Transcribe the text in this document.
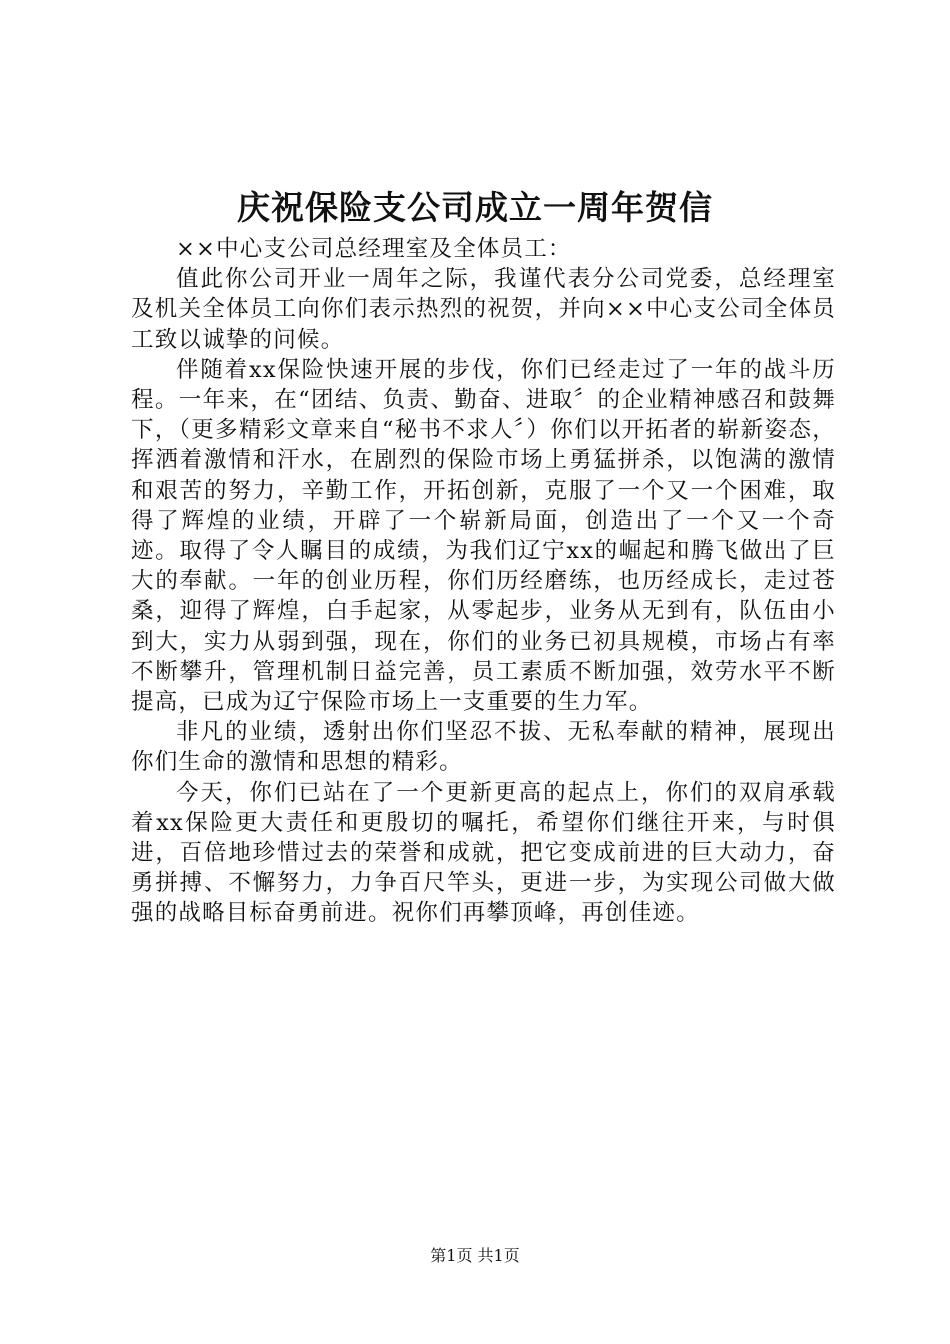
庆祝保险支公司成立一周年贺信

××中心支公司总经理室及全体员工：

值此你公司开业一周年之际，我谨代表分公司党委，总经理室及机关全体员工向你们表示热烈的祝贺，并向××中心支公司全体员工致以诚挚的问候。

伴随着xx保险快速开展的步伐，你们已经走过了一年的战斗历程。一年来，在“团结、负责、勤奋、进取〞的企业精神感召和鼓舞下，（更多精彩文章来自“秘书不求人〞）你们以开拓者的崭新姿态，挥洒着激情和汗水，在剧烈的保险市场上勇猛拼杀，以饱满的激情和艰苦的努力，辛勤工作，开拓创新，克服了一个又一个困难，取得了辉煌的业绩，开辟了一个崭新局面，创造出了一个又一个奇迹。取得了令人瞩目的成绩，为我们辽宁xx的崛起和腾飞做出了巨大的奉献。一年的创业历程，你们历经磨练，也历经成长，走过苍桑，迎得了辉煌，白手起家，从零起步，业务从无到有，队伍由小到大，实力从弱到强，现在，你们的业务已初具规模，市场占有率不断攀升，管理机制日益完善，员工素质不断加强，效劳水平不断提高，已成为辽宁保险市场上一支重要的生力军。

非凡的业绩，透射出你们坚忍不拔、无私奉献的精神，展现出你们生命的激情和思想的精彩。

今天，你们已站在了一个更新更高的起点上，你们的双肩承载着xx保险更大责任和更殷切的嘱托，希望你们继往开来，与时俱进，百倍地珍惜过去的荣誉和成就，把它变成前进的巨大动力，奋勇拼搏、不懈努力，力争百尺竿头，更进一步，为实现公司做大做强的战略目标奋勇前进。祝你们再攀顶峰，再创佳迹。

第1页 共1页
